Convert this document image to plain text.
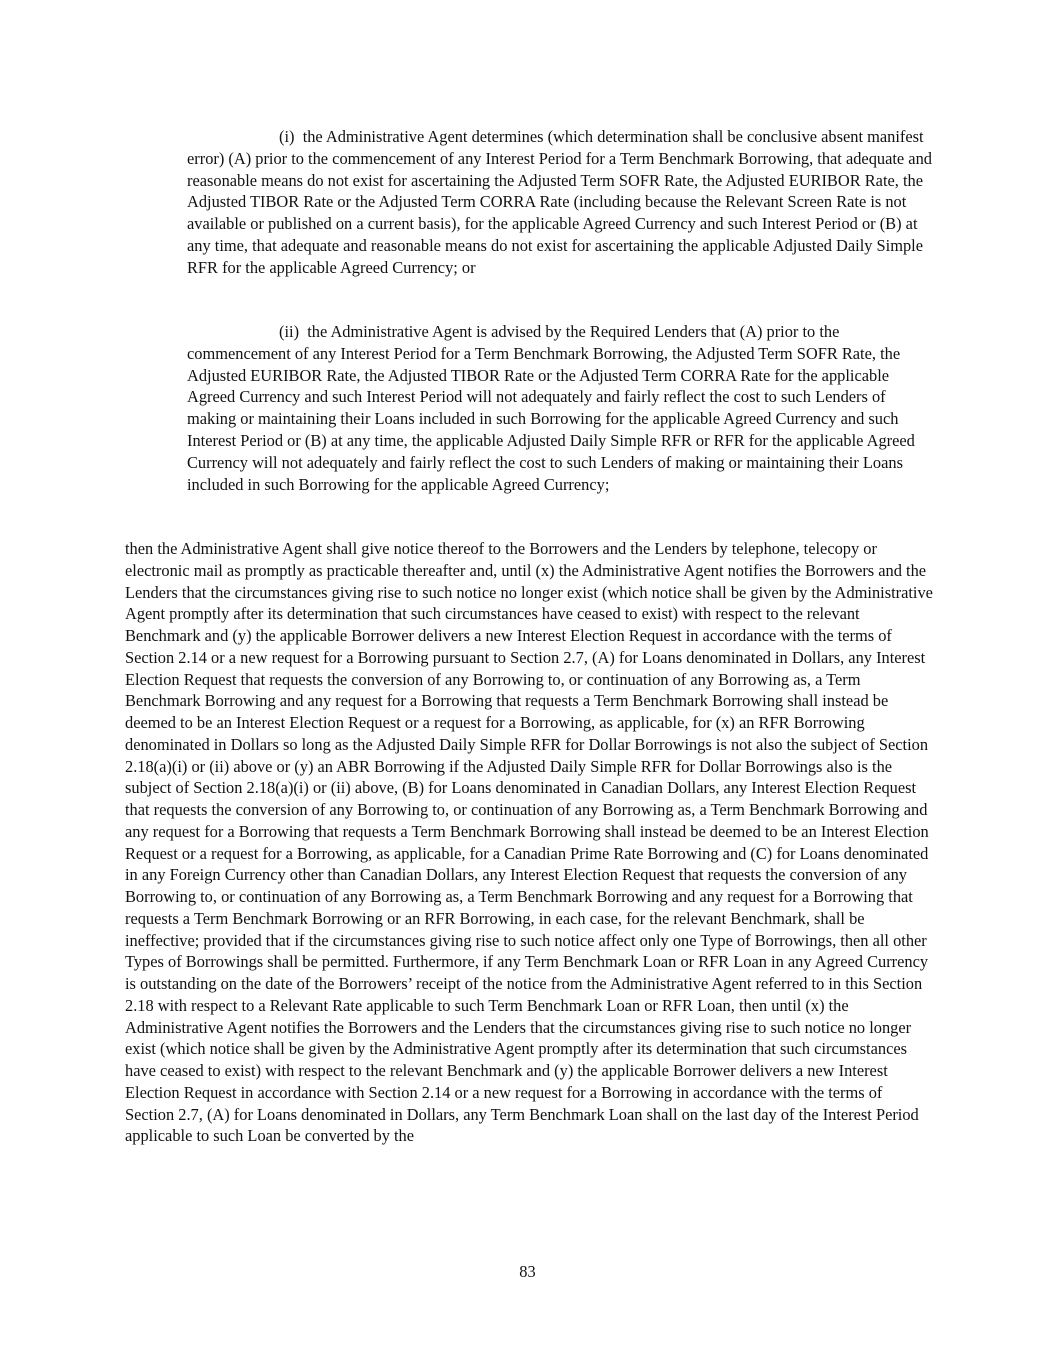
(i) the Administrative Agent determines (which determination shall be conclusive absent manifest error) (A) prior to the commencement of any Interest Period for a Term Benchmark Borrowing, that adequate and reasonable means do not exist for ascertaining the Adjusted Term SOFR Rate, the Adjusted EURIBOR Rate, the Adjusted TIBOR Rate or the Adjusted Term CORRA Rate (including because the Relevant Screen Rate is not available or published on a current basis), for the applicable Agreed Currency and such Interest Period or (B) at any time, that adequate and reasonable means do not exist for ascertaining the applicable Adjusted Daily Simple RFR for the applicable Agreed Currency; or

(ii) the Administrative Agent is advised by the Required Lenders that (A) prior to the commencement of any Interest Period for a Term Benchmark Borrowing, the Adjusted Term SOFR Rate, the Adjusted EURIBOR Rate, the Adjusted TIBOR Rate or the Adjusted Term CORRA Rate for the applicable Agreed Currency and such Interest Period will not adequately and fairly reflect the cost to such Lenders of making or maintaining their Loans included in such Borrowing for the applicable Agreed Currency and such Interest Period or (B) at any time, the applicable Adjusted Daily Simple RFR or RFR for the applicable Agreed Currency will not adequately and fairly reflect the cost to such Lenders of making or maintaining their Loans included in such Borrowing for the applicable Agreed Currency;

then the Administrative Agent shall give notice thereof to the Borrowers and the Lenders by telephone, telecopy or electronic mail as promptly as practicable thereafter and, until (x) the Administrative Agent notifies the Borrowers and the Lenders that the circumstances giving rise to such notice no longer exist (which notice shall be given by the Administrative Agent promptly after its determination that such circumstances have ceased to exist) with respect to the relevant Benchmark and (y) the applicable Borrower delivers a new Interest Election Request in accordance with the terms of Section 2.14 or a new request for a Borrowing pursuant to Section 2.7, (A) for Loans denominated in Dollars, any Interest Election Request that requests the conversion of any Borrowing to, or continuation of any Borrowing as, a Term Benchmark Borrowing and any request for a Borrowing that requests a Term Benchmark Borrowing shall instead be deemed to be an Interest Election Request or a request for a Borrowing, as applicable, for (x) an RFR Borrowing denominated in Dollars so long as the Adjusted Daily Simple RFR for Dollar Borrowings is not also the subject of Section 2.18(a)(i) or (ii) above or (y) an ABR Borrowing if the Adjusted Daily Simple RFR for Dollar Borrowings also is the subject of Section 2.18(a)(i) or (ii) above, (B) for Loans denominated in Canadian Dollars, any Interest Election Request that requests the conversion of any Borrowing to, or continuation of any Borrowing as, a Term Benchmark Borrowing and any request for a Borrowing that requests a Term Benchmark Borrowing shall instead be deemed to be an Interest Election Request or a request for a Borrowing, as applicable, for a Canadian Prime Rate Borrowing and (C) for Loans denominated in any Foreign Currency other than Canadian Dollars, any Interest Election Request that requests the conversion of any Borrowing to, or continuation of any Borrowing as, a Term Benchmark Borrowing and any request for a Borrowing that requests a Term Benchmark Borrowing or an RFR Borrowing, in each case, for the relevant Benchmark, shall be ineffective; provided that if the circumstances giving rise to such notice affect only one Type of Borrowings, then all other Types of Borrowings shall be permitted. Furthermore, if any Term Benchmark Loan or RFR Loan in any Agreed Currency is outstanding on the date of the Borrowers’ receipt of the notice from the Administrative Agent referred to in this Section 2.18 with respect to a Relevant Rate applicable to such Term Benchmark Loan or RFR Loan, then until (x) the Administrative Agent notifies the Borrowers and the Lenders that the circumstances giving rise to such notice no longer exist (which notice shall be given by the Administrative Agent promptly after its determination that such circumstances have ceased to exist) with respect to the relevant Benchmark and (y) the applicable Borrower delivers a new Interest Election Request in accordance with Section 2.14 or a new request for a Borrowing in accordance with the terms of Section 2.7, (A) for Loans denominated in Dollars, any Term Benchmark Loan shall on the last day of the Interest Period applicable to such Loan be converted by the

83
